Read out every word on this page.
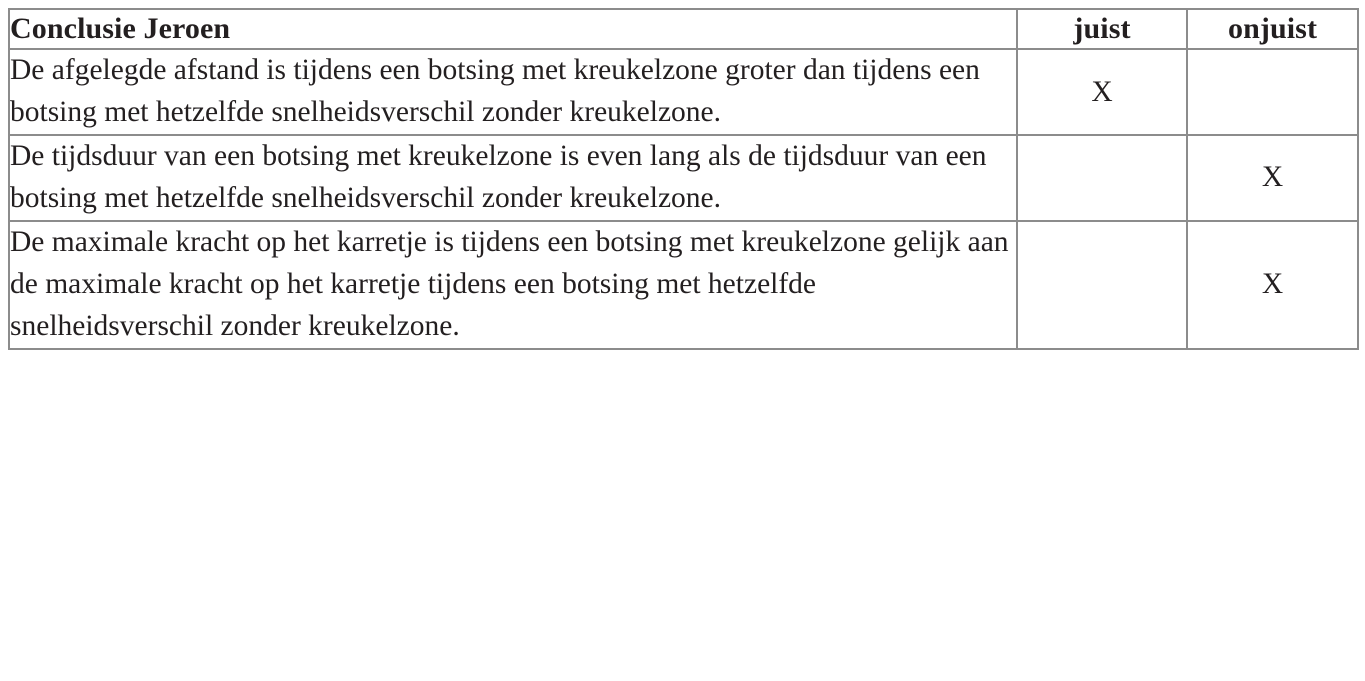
Conclusie Jeroen	juist	onjuist
De afgelegde afstand is tijdens een botsing met kreukelzone groter dan tijdens een botsing met hetzelfde snelheidsverschil zonder kreukelzone.	X	
De tijdsduur van een botsing met kreukelzone is even lang als de tijdsduur van een botsing met hetzelfde snelheidsverschil zonder kreukelzone.		X
De maximale kracht op het karretje is tijdens een botsing met kreukelzone gelijk aan de maximale kracht op het karretje tijdens een botsing met hetzelfde snelheidsverschil zonder kreukelzone.		X
